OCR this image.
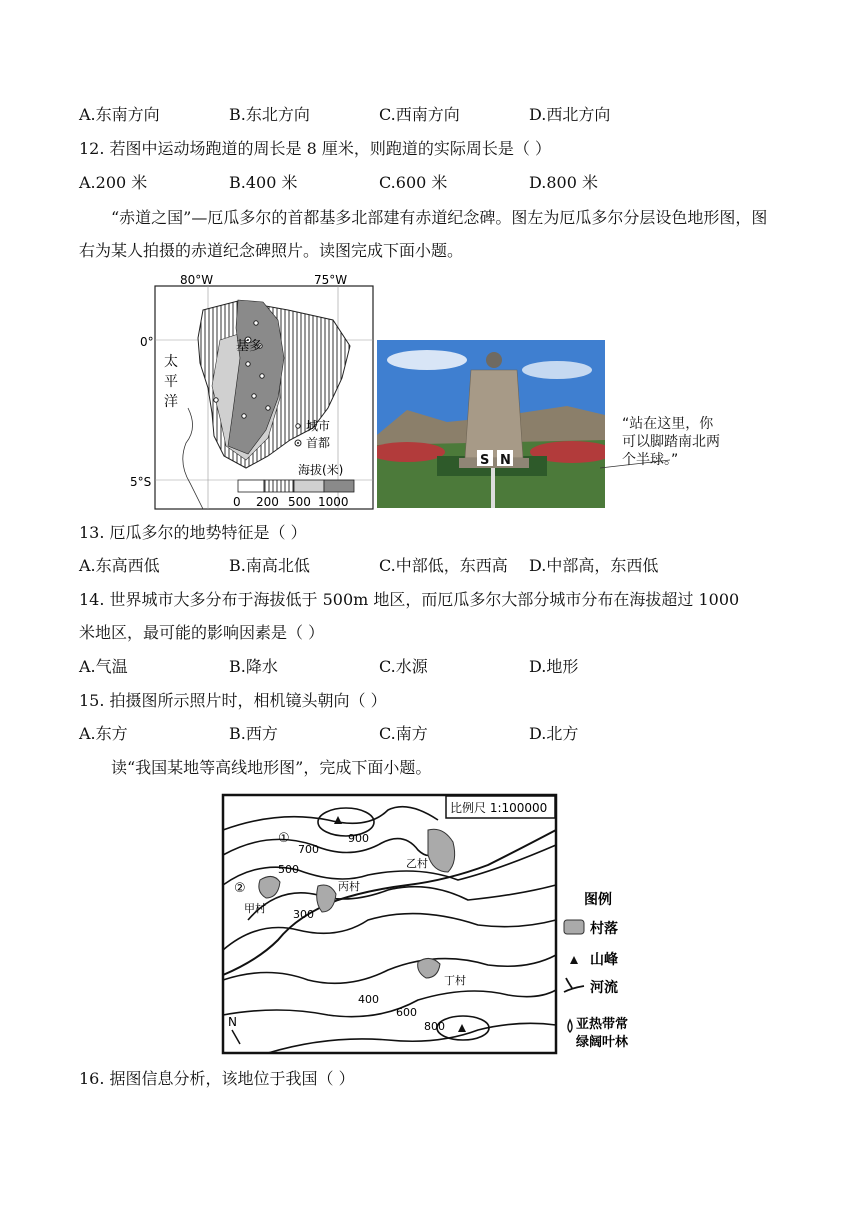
A.东南方向	B.东北方向	C.西南方向	D.西北方向
12. 若图中运动场跑道的周长是 8 厘米，则跑道的实际周长是（ ）
A.200 米	B.400 米	C.600 米	D.800 米
“赤道之国”—厄瓜多尔的首都基多北部建有赤道纪念碑。图左为厄瓜多尔分层设色地形图，图右为某人拍摄的赤道纪念碑照片。读图完成下面小题。
80°W	75°W
0°
5°S
基多
太
平
洋
城市
首都
海拔(米)
0 200 500 1000
S N
“站在这里，你
可以脚踏南北两
个半球。”
13. 厄瓜多尔的地势特征是（ ）
A.东高西低	B.南高北低	C.中部低，东西高	D.中部高，东西低
14. 世界城市大多分布于海拔低于 500m 地区，而厄瓜多尔大部分城市分布在海拔超过 1000
米地区，最可能的影响因素是（ ）
A.气温	B.降水	C.水源	D.地形
15. 拍摄图所示照片时，相机镜头朝向（ ）
A.东方	B.西方	C.南方	D.北方
读“我国某地等高线地形图”，完成下面小题。
比例尺 1:100000
900
700
500
300
400
600
800
甲村
乙村
丙村
丁村
①
②
N
图例
村落
山峰
河流
亚热带常
绿阔叶林
16. 据图信息分析，该地位于我国（ ）
